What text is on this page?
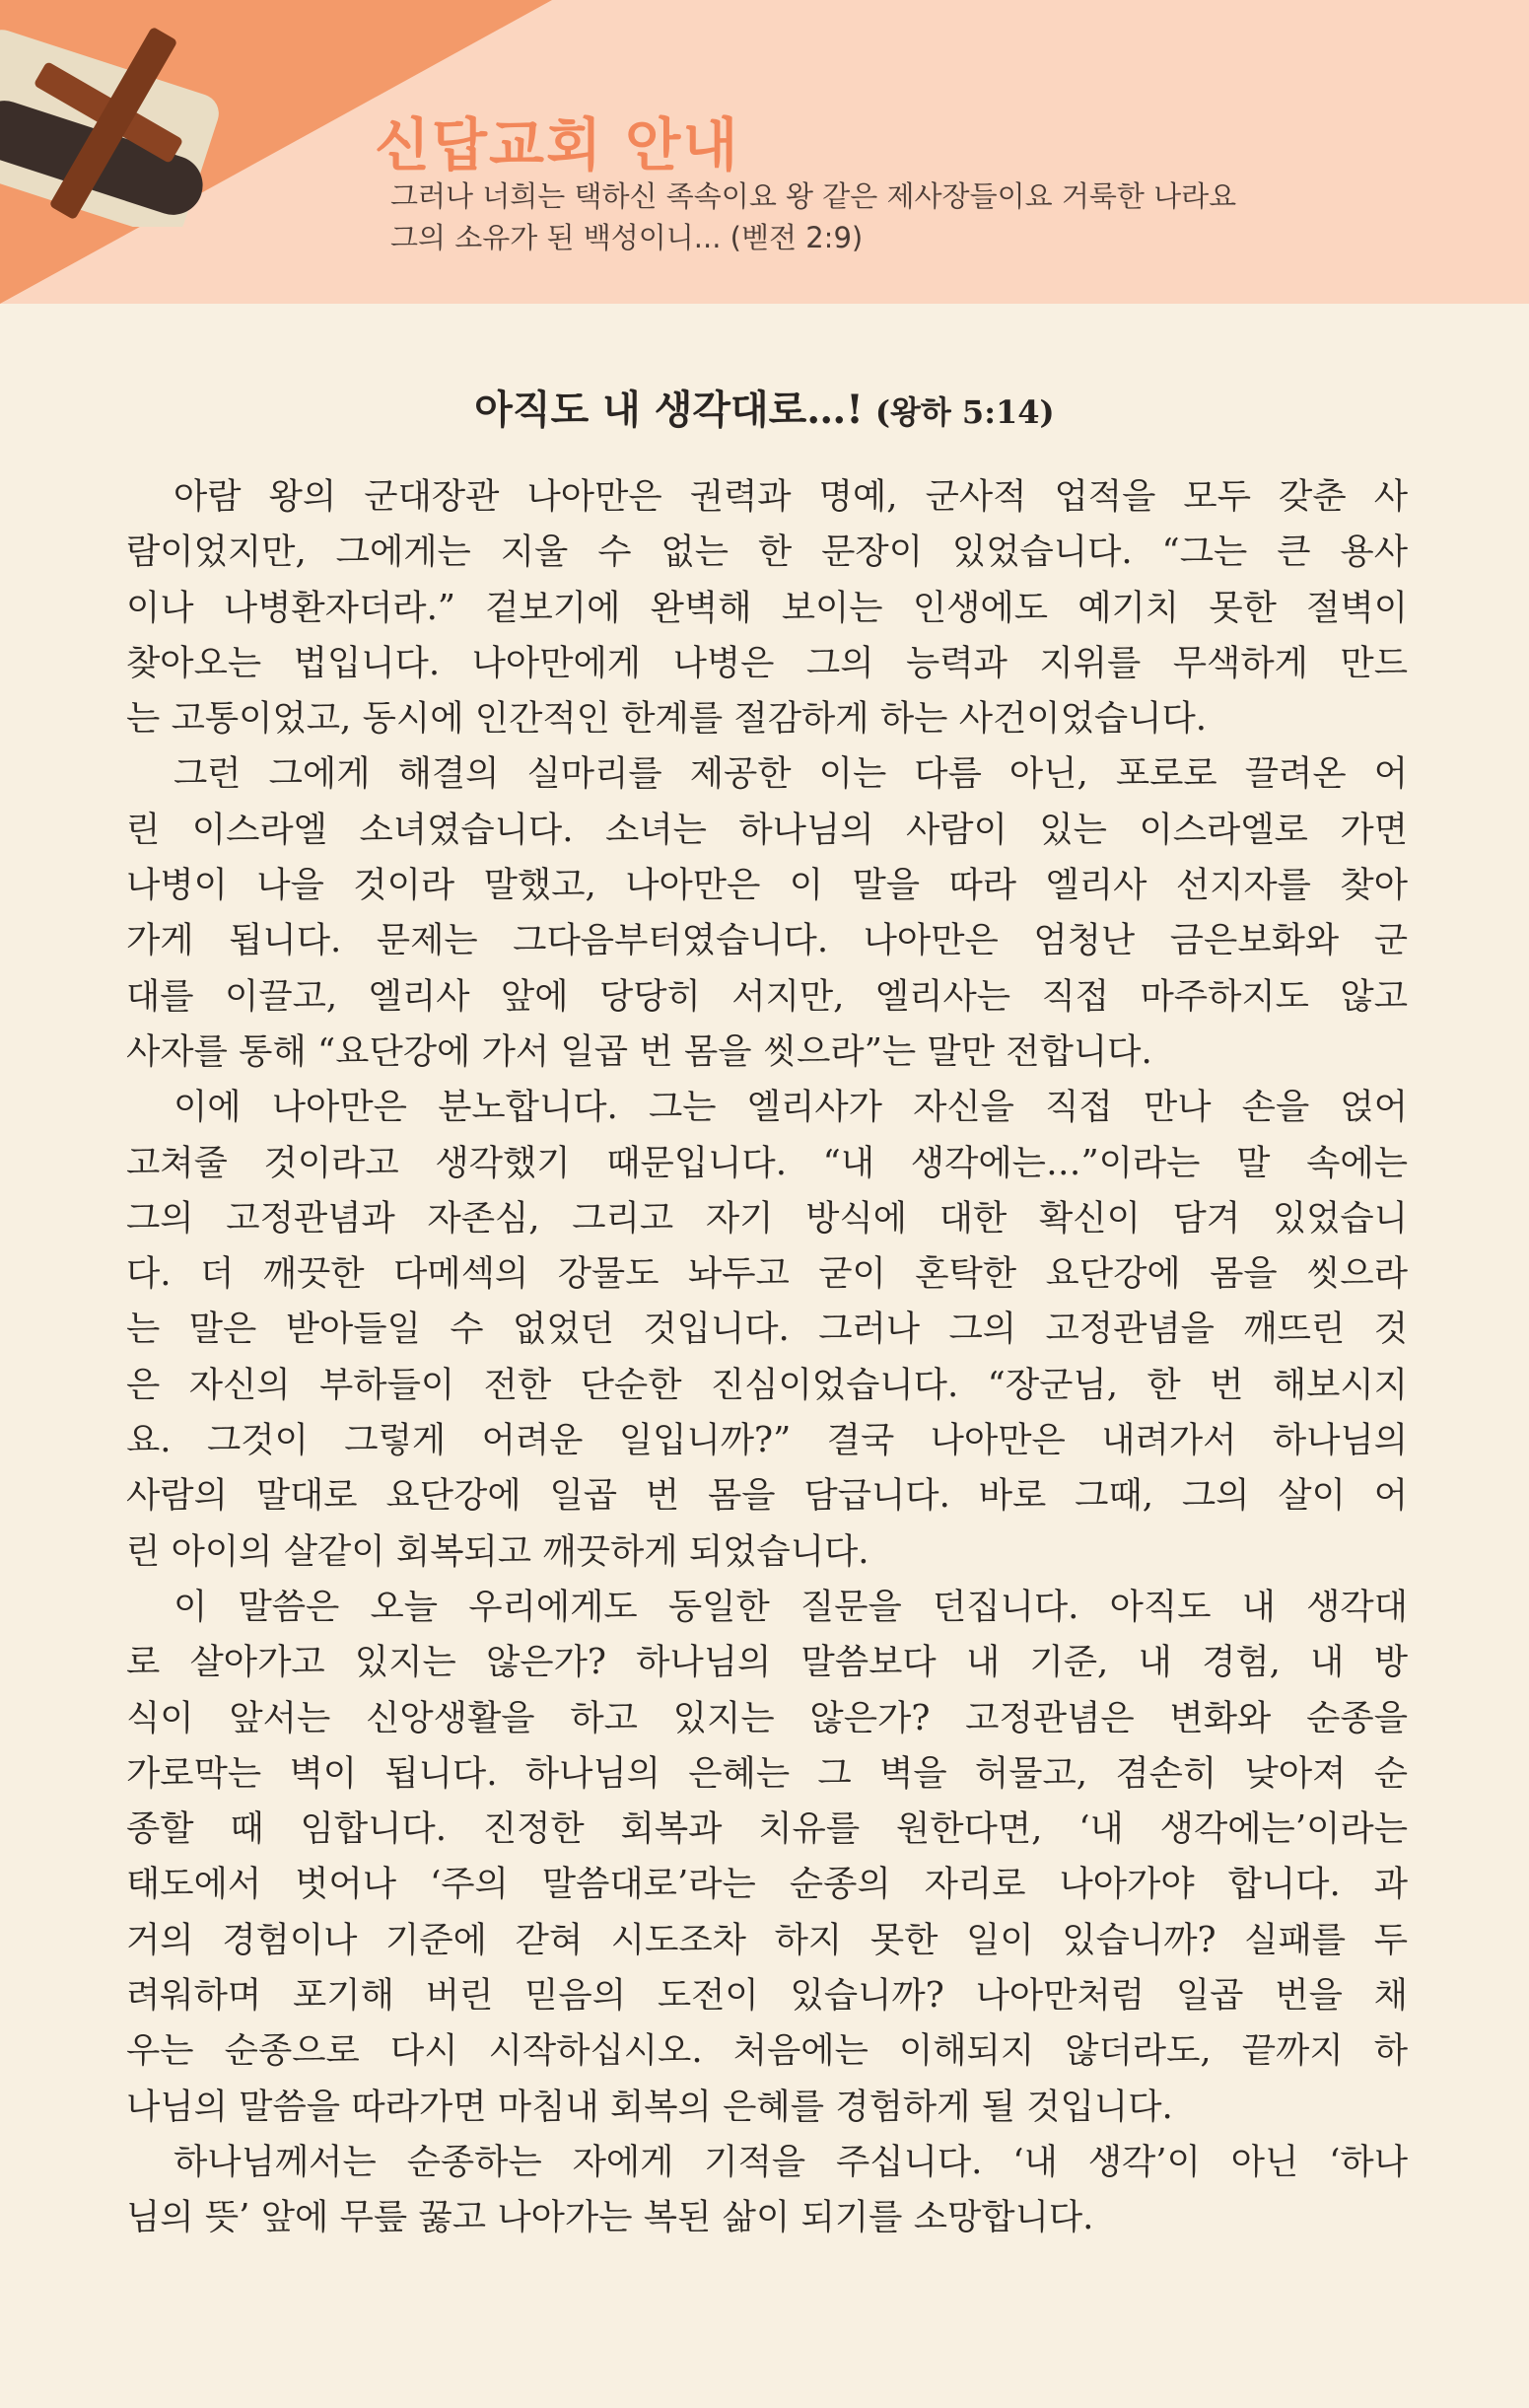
신답교회 안내
그러나 너희는 택하신 족속이요 왕 같은 제사장들이요 거룩한 나라요
그의 소유가 된 백성이니... (벧전 2:9)
아직도 내 생각대로…! (왕하 5:14)
아람 왕의 군대장관 나아만은 권력과 명예, 군사적 업적을 모두 갖춘 사
람이었지만, 그에게는 지울 수 없는 한 문장이 있었습니다. “그는 큰 용사
이나 나병환자더라.” 겉보기에 완벽해 보이는 인생에도 예기치 못한 절벽이
찾아오는 법입니다. 나아만에게 나병은 그의 능력과 지위를 무색하게 만드
는 고통이었고, 동시에 인간적인 한계를 절감하게 하는 사건이었습니다.
그런 그에게 해결의 실마리를 제공한 이는 다름 아닌, 포로로 끌려온 어
린 이스라엘 소녀였습니다. 소녀는 하나님의 사람이 있는 이스라엘로 가면
나병이 나을 것이라 말했고, 나아만은 이 말을 따라 엘리사 선지자를 찾아
가게 됩니다. 문제는 그다음부터였습니다. 나아만은 엄청난 금은보화와 군
대를 이끌고, 엘리사 앞에 당당히 서지만, 엘리사는 직접 마주하지도 않고
사자를 통해 “요단강에 가서 일곱 번 몸을 씻으라”는 말만 전합니다.
이에 나아만은 분노합니다. 그는 엘리사가 자신을 직접 만나 손을 얹어
고쳐줄 것이라고 생각했기 때문입니다. “내 생각에는…”이라는 말 속에는
그의 고정관념과 자존심, 그리고 자기 방식에 대한 확신이 담겨 있었습니
다. 더 깨끗한 다메섹의 강물도 놔두고 굳이 혼탁한 요단강에 몸을 씻으라
는 말은 받아들일 수 없었던 것입니다. 그러나 그의 고정관념을 깨뜨린 것
은 자신의 부하들이 전한 단순한 진심이었습니다. “장군님, 한 번 해보시지
요. 그것이 그렇게 어려운 일입니까?” 결국 나아만은 내려가서 하나님의
사람의 말대로 요단강에 일곱 번 몸을 담급니다. 바로 그때, 그의 살이 어
린 아이의 살같이 회복되고 깨끗하게 되었습니다.
이 말씀은 오늘 우리에게도 동일한 질문을 던집니다. 아직도 내 생각대
로 살아가고 있지는 않은가? 하나님의 말씀보다 내 기준, 내 경험, 내 방
식이 앞서는 신앙생활을 하고 있지는 않은가? 고정관념은 변화와 순종을
가로막는 벽이 됩니다. 하나님의 은혜는 그 벽을 허물고, 겸손히 낮아져 순
종할 때 임합니다. 진정한 회복과 치유를 원한다면, ‘내 생각에는’이라는
태도에서 벗어나 ‘주의 말씀대로’라는 순종의 자리로 나아가야 합니다. 과
거의 경험이나 기준에 갇혀 시도조차 하지 못한 일이 있습니까? 실패를 두
려워하며 포기해 버린 믿음의 도전이 있습니까? 나아만처럼 일곱 번을 채
우는 순종으로 다시 시작하십시오. 처음에는 이해되지 않더라도, 끝까지 하
나님의 말씀을 따라가면 마침내 회복의 은혜를 경험하게 될 것입니다.
하나님께서는 순종하는 자에게 기적을 주십니다. ‘내 생각’이 아닌 ‘하나
님의 뜻’ 앞에 무릎 꿇고 나아가는 복된 삶이 되기를 소망합니다.
